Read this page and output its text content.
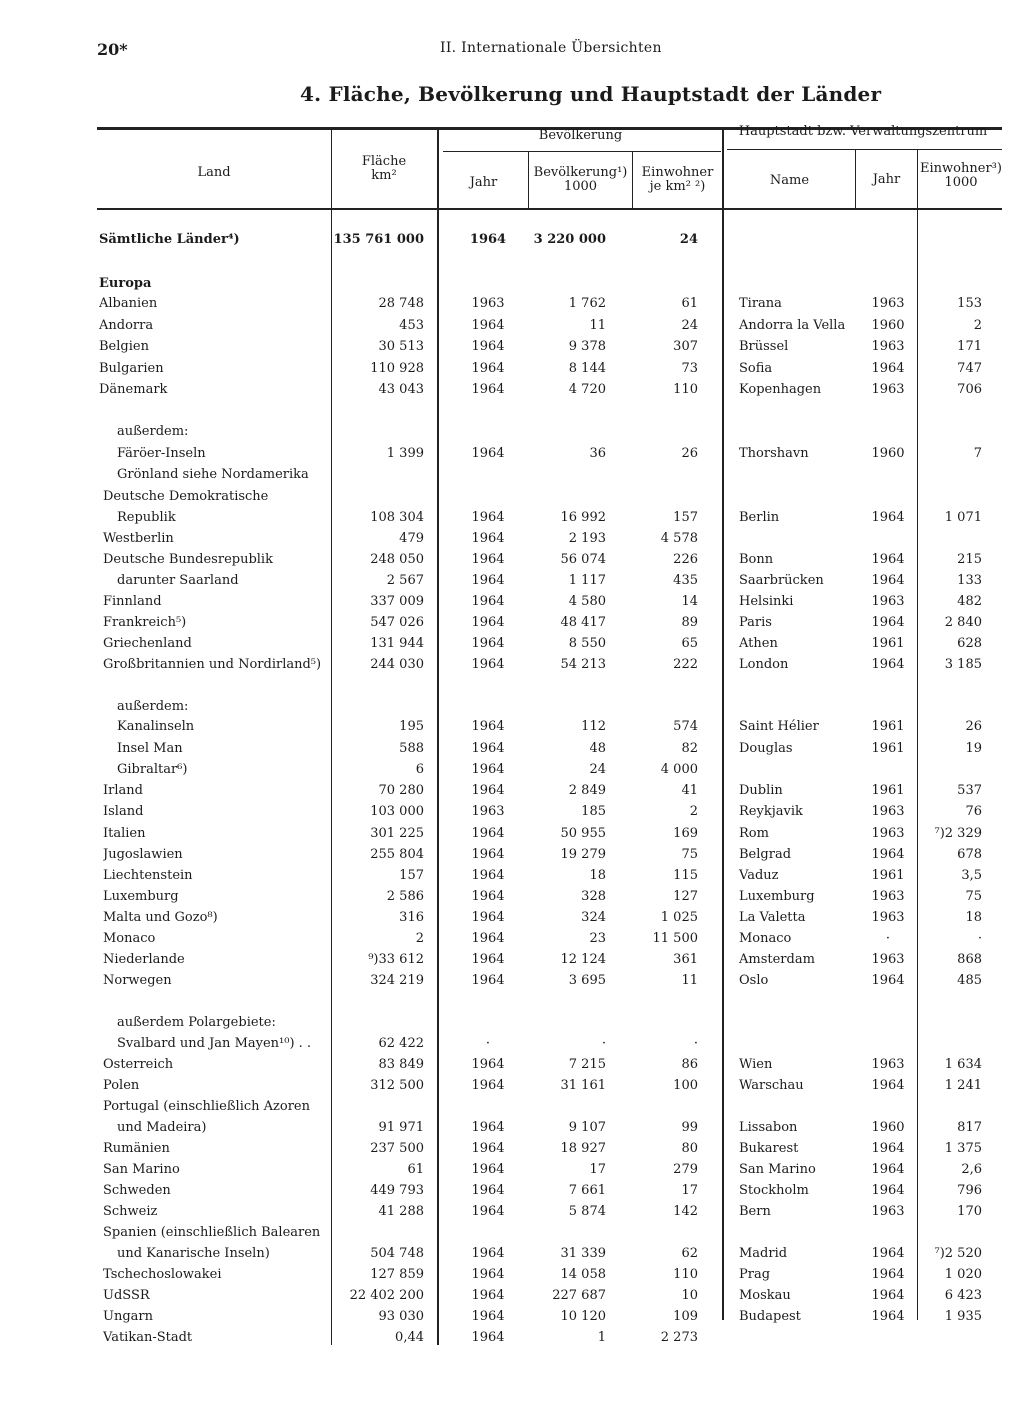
20*	II. Internationale Übersichten
4. Fläche, Bevölkerung und Hauptstadt der Länder
Land
Fläche
km²
Bevölkerung
Jahr
Bevölkerung¹)
1000
Einwohner
je km² ²)
Hauptstadt bzw. Verwaltungszentrum
Name	Jahr
Einwohner³)
1000
Sämtliche Länder⁴) . . .	135 761 000	1964	3 220 000	24
Europa
Albanien . . .	28 748	1963	1 762	61	Tirana	1963	153
Andorra . . .	453	1964	11	24	Andorra la Vella	1960	2
Belgien . . .	30 513	1964	9 378	307	Brüssel	1963	171
Bulgarien . . .	110 928	1964	8 144	73	Sofia	1964	747
Dänemark . . .	43 043	1964	4 720	110	Kopenhagen	1963	706
außerdem:
Färöer-Inseln . . .	1 399	1964	36	26	Thorshavn	1960	7
Grönland siehe Nordamerika
Deutsche Demokratische
Republik . . .	108 304	1964	16 992	157	Berlin	1964	1 071
Westberlin . . .	479	1964	2 193	4 578
Deutsche Bundesrepublik . . .	248 050	1964	56 074	226	Bonn	1964	215
darunter Saarland . . .	2 567	1964	1 117	435	Saarbrücken	1964	133
Finnland . . .	337 009	1964	4 580	14	Helsinki	1963	482
Frankreich⁵) . . .	547 026	1964	48 417	89	Paris	1964	2 840
Griechenland . . .	131 944	1964	8 550	65	Athen	1961	628
Großbritannien und Nordirland⁵)	244 030	1964	54 213	222	London	1964	3 185
außerdem:
Kanalinseln . . .	195	1964	112	574	Saint Hélier	1961	26
Insel Man . . .	588	1964	48	82	Douglas	1961	19
Gibraltar⁶) . . .	6	1964	24	4 000
Irland . . .	70 280	1964	2 849	41	Dublin	1961	537
Island . . .	103 000	1963	185	2	Reykjavik	1963	76
Italien . . .	301 225	1964	50 955	169	Rom	1963	⁷)2 329
Jugoslawien . . .	255 804	1964	19 279	75	Belgrad	1964	678
Liechtenstein . . .	157	1964	18	115	Vaduz	1961	3,5
Luxemburg . . .	2 586	1964	328	127	Luxemburg	1963	75
Malta und Gozo⁸) . . .	316	1964	324	1 025	La Valetta	1963	18
Monaco . . .	2	1964	23	11 500	Monaco	·	·
Niederlande . . .	⁹)33 612	1964	12 124	361	Amsterdam	1963	868
Norwegen . . .	324 219	1964	3 695	11	Oslo	1964	485
außerdem Polargebiete:
Svalbard und Jan Mayen¹⁰) . .	62 422	·	·	·
Österreich . . .	83 849	1964	7 215	86	Wien	1963	1 634
Polen . . .	312 500	1964	31 161	100	Warschau	1964	1 241
Portugal (einschließlich Azoren
und Madeira) . . .	91 971	1964	9 107	99	Lissabon	1960	817
Rumänien . . .	237 500	1964	18 927	80	Bukarest	1964	1 375
San Marino . . .	61	1964	17	279	San Marino	1964	2,6
Schweden . . .	449 793	1964	7 661	17	Stockholm	1964	796
Schweiz . . .	41 288	1964	5 874	142	Bern	1963	170
Spanien (einschließlich Balearen
und Kanarische Inseln) . . .	504 748	1964	31 339	62	Madrid	1964	⁷)2 520
Tschechoslowakei . . .	127 859	1964	14 058	110	Prag	1964	1 020
UdSSR . . .	22 402 200	1964	227 687	10	Moskau	1964	6 423
Ungarn . . .	93 030	1964	10 120	109	Budapest	1964	1 935
Vatikan-Stadt . . .	0,44	1964	1	2 273
